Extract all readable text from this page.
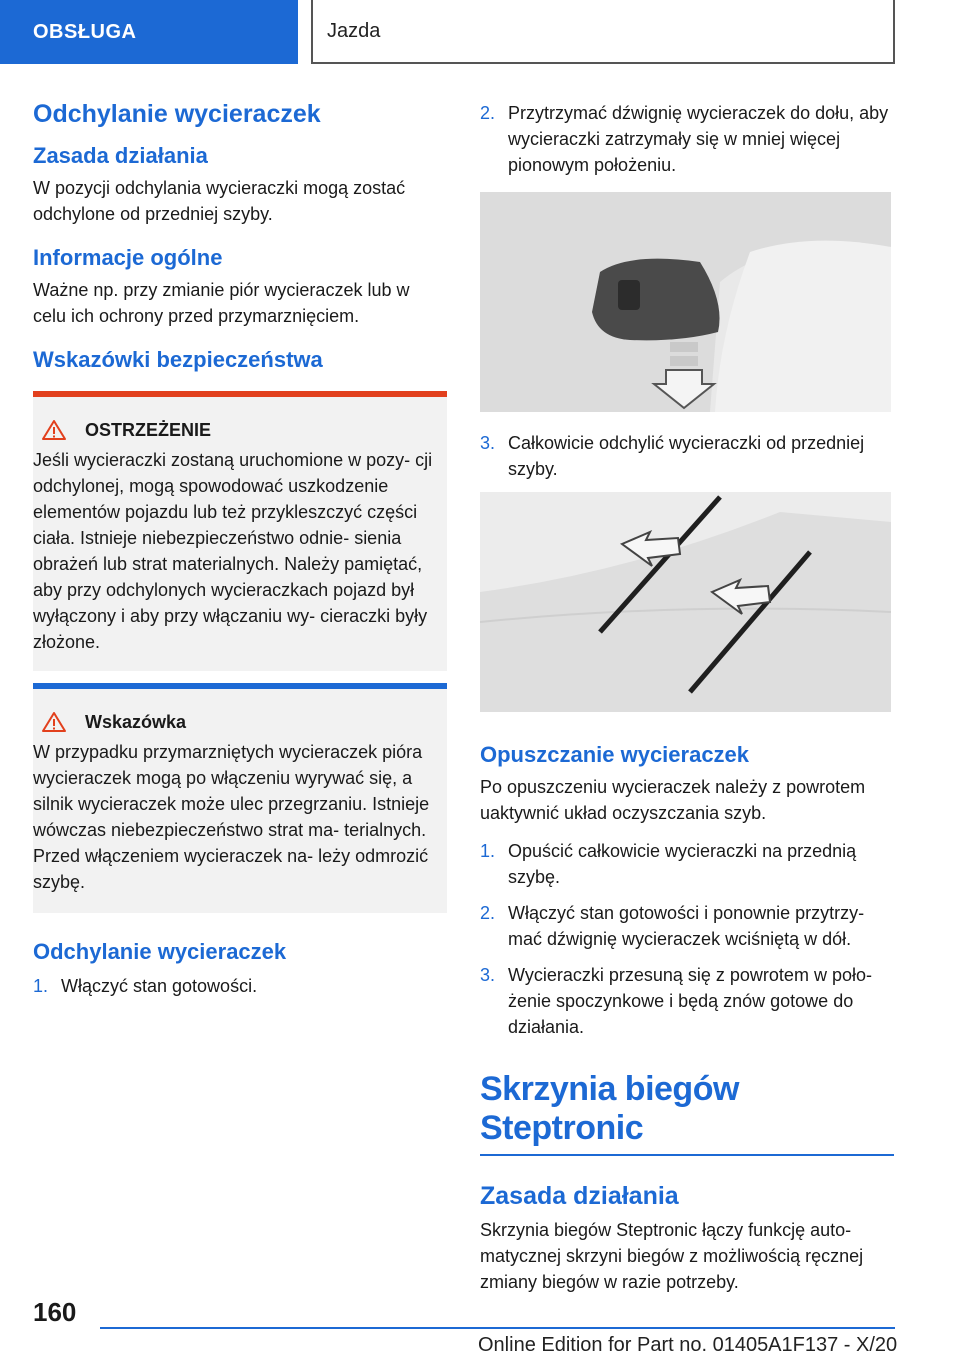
OBSŁUGA	Jazda
Odchylanie wycieraczek
Zasada działania

W pozycji odchylania wycieraczki mogą zostać odchylone od przedniej szyby.

Informacje ogólne

Ważne np. przy zmianie piór wycieraczek lub w celu ich ochrony przed przymarznięciem.

Wskazówki bezpieczeństwa
OSTRZEŻENIE

Jeśli wycieraczki zostaną uruchomione w pozy- cji odchylonej, mogą spowodować uszkodzenie elementów pojazdu lub też przykleszczyć części ciała. Istnieje niebezpieczeństwo odnie- sienia obrażeń lub strat materialnych. Należy pamiętać, aby przy odchylonych wycieraczkach pojazd był wyłączony i aby przy włączaniu wy- cieraczki były złożone.

Wskazówka

W przypadku przymarzniętych wycieraczek pióra wycieraczek mogą po włączeniu wyrywać się, a silnik wycieraczek może ulec przegrzaniu. Istnieje wówczas niebezpieczeństwo strat ma- terialnych. Przed włączeniem wycieraczek na- leży odmrozić szybę.

Odchylanie wycieraczek
1. Włączyć stan gotowości.
2. Przytrzymać dźwignię wycieraczek do dołu, aby wycieraczki zatrzymały się w mniej więcej pionowym położeniu.
3. Całkowicie odchylić wycieraczki od przedniej szyby.
Opuszczanie wycieraczek

Po opuszczeniu wycieraczek należy z powrotem uaktywnić układ oczyszczania szyb.

1. Opuścić całkowicie wycieraczki na przednią szybę.
2. Włączyć stan gotowości i ponownie przytrzy- mać dźwignię wycieraczek wciśniętą w dół.
3. Wycieraczki przesuną się z powrotem w poło- żenie spoczynkowe i będą znów gotowe do działania.
Skrzynia biegów Steptronic
Zasada działania

Skrzynia biegów Steptronic łączy funkcję auto- matycznej skrzyni biegów z możliwością ręcznej zmiany biegów w razie potrzeby.

160
Online Edition for Part no. 01405A1F137 - X/20
